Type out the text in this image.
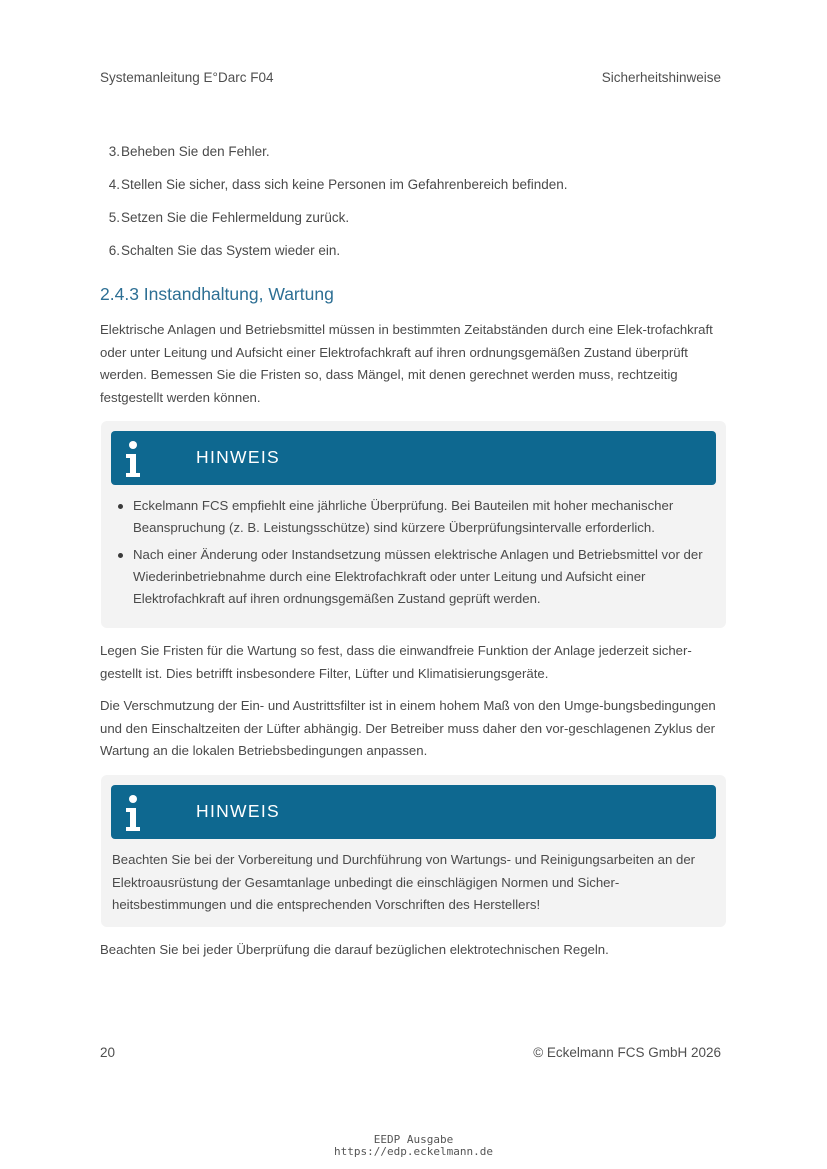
Systemanleitung E°Darc F04	Sicherheitshinweise
3. Beheben Sie den Fehler.
4. Stellen Sie sicher, dass sich keine Personen im Gefahrenbereich befinden.
5. Setzen Sie die Fehlermeldung zurück.
6. Schalten Sie das System wieder ein.
2.4.3 Instandhaltung, Wartung

Elektrische Anlagen und Betriebsmittel müssen in bestimmten Zeitabständen durch eine Elek-trofachkraft oder unter Leitung und Aufsicht einer Elektrofachkraft auf ihren ordnungsgemäßen Zustand überprüft werden. Bemessen Sie die Fristen so, dass Mängel, mit denen gerechnet werden muss, rechtzeitig festgestellt werden können.

HINWEIS
Eckelmann FCS empfiehlt eine jährliche Überprüfung. Bei Bauteilen mit hoher mechanischer Beanspruchung (z. B. Leistungsschütze) sind kürzere Überprüfungsintervalle erforderlich.
Nach einer Änderung oder Instandsetzung müssen elektrische Anlagen und Betriebsmittel vor der Wiederinbetriebnahme durch eine Elektrofachkraft oder unter Leitung und Aufsicht einer Elektrofachkraft auf ihren ordnungsgemäßen Zustand geprüft werden.

Legen Sie Fristen für die Wartung so fest, dass die einwandfreie Funktion der Anlage jederzeit sicher-gestellt ist. Dies betrifft insbesondere Filter, Lüfter und Klimatisierungsgeräte.

Die Verschmutzung der Ein- und Austrittsfilter ist in einem hohem Maß von den Umge-bungsbedingungen und den Einschaltzeiten der Lüfter abhängig. Der Betreiber muss daher den vor-geschlagenen Zyklus der Wartung an die lokalen Betriebsbedingungen anpassen.

HINWEIS

Beachten Sie bei der Vorbereitung und Durchführung von Wartungs- und Reinigungsarbeiten an der Elektroausrüstung der Gesamtanlage unbedingt die einschlägigen Normen und Sicher-heitsbestimmungen und die entsprechenden Vorschriften des Herstellers!

Beachten Sie bei jeder Überprüfung die darauf bezüglichen elektrotechnischen Regeln.

20	© Eckelmann FCS GmbH 2026
EEDP Ausgabe
https://edp.eckelmann.de
